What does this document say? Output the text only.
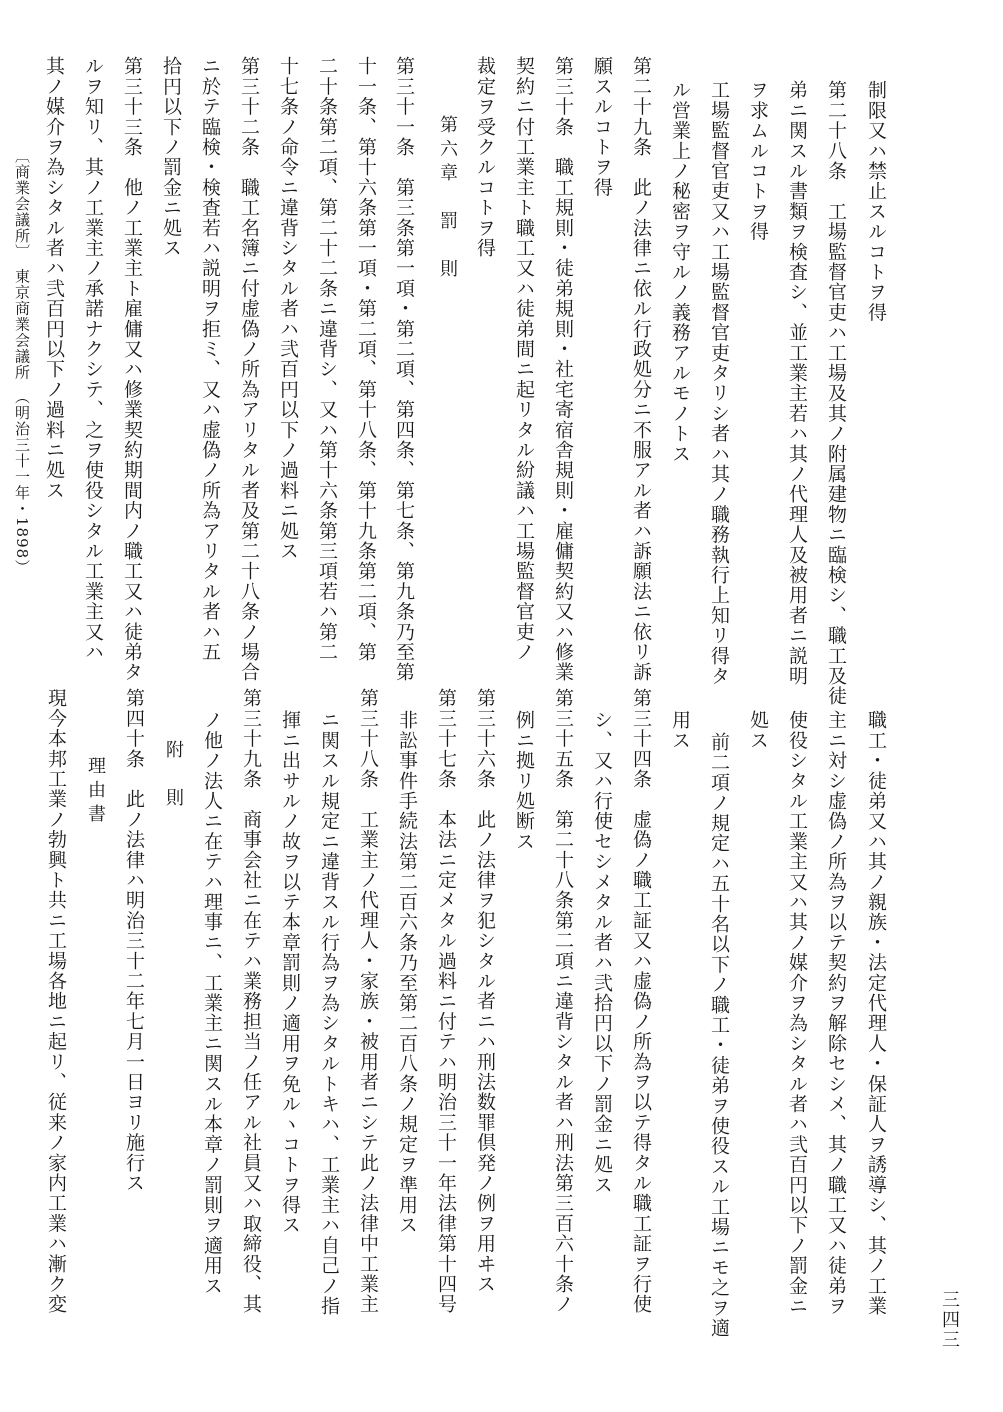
制限又ハ禁止スルコトヲ得
第二十八条　工場監督官吏ハ工場及其ノ附属建物ニ臨検シ、職工及徒
弟ニ関スル書類ヲ検査シ、並工業主若ハ其ノ代理人及被用者ニ説明
ヲ求ムルコトヲ得
工場監督官吏又ハ工場監督官吏タリシ者ハ其ノ職務執行上知リ得タ
ル営業上ノ秘密ヲ守ルノ義務アルモノトス
第二十九条　此ノ法律ニ依ル行政処分ニ不服アル者ハ訴願法ニ依リ訴
願スルコトヲ得
第三十条　職工規則・徒弟規則・社宅寄宿舎規則・雇傭契約又ハ修業
契約ニ付工業主ト職工又ハ徒弟間ニ起リタル紛議ハ工場監督官吏ノ
裁定ヲ受クルコトヲ得
第六章　罰　則
第三十一条　第三条第一項・第二項、第四条、第七条、第九条乃至第
十一条、第十六条第一項・第二項、第十八条、第十九条第二項、第
二十条第二項、第二十二条ニ違背シ、又ハ第十六条第三項若ハ第二
十七条ノ命令ニ違背シタル者ハ弐百円以下ノ過料ニ処ス
第三十二条　職工名簿ニ付虚偽ノ所為アリタル者及第二十八条ノ場合
ニ於テ臨検・検査若ハ説明ヲ拒ミ、又ハ虚偽ノ所為アリタル者ハ五
拾円以下ノ罰金ニ処ス
第三十三条　他ノ工業主ト雇傭又ハ修業契約期間内ノ職工又ハ徒弟タ
ルヲ知リ、其ノ工業主ノ承諾ナクシテ、之ヲ使役シタル工業主又ハ
其ノ媒介ヲ為シタル者ハ弐百円以下ノ過料ニ処ス
〔商業会議所〕　東京商業会議所　（明治三十一年・1898）
職工・徒弟又ハ其ノ親族・法定代理人・保証人ヲ誘導シ、其ノ工業
主ニ対シ虚偽ノ所為ヲ以テ契約ヲ解除セシメ、其ノ職工又ハ徒弟ヲ
使役シタル工業主又ハ其ノ媒介ヲ為シタル者ハ弐百円以下ノ罰金ニ
処ス
前二項ノ規定ハ五十名以下ノ職工・徒弟ヲ使役スル工場ニモ之ヲ適
用ス
第三十四条　虚偽ノ職工証又ハ虚偽ノ所為ヲ以テ得タル職工証ヲ行使
シ、又ハ行使セシメタル者ハ弐拾円以下ノ罰金ニ処ス
第三十五条　第二十八条第二項ニ違背シタル者ハ刑法第三百六十条ノ
例ニ拠リ処断ス
第三十六条　此ノ法律ヲ犯シタル者ニハ刑法数罪倶発ノ例ヲ用ヰス
第三十七条　本法ニ定メタル過料ニ付テハ明治三十一年法律第十四号
非訟事件手続法第二百六条乃至第二百八条ノ規定ヲ準用ス
第三十八条　工業主ノ代理人・家族・被用者ニシテ此ノ法律中工業主
ニ関スル規定ニ違背スル行為ヲ為シタルトキハ、工業主ハ自己ノ指
揮ニ出サルノ故ヲ以テ本章罰則ノ適用ヲ免ルヽコトヲ得ス
第三十九条　商事会社ニ在テハ業務担当ノ任アル社員又ハ取締役、其
ノ他ノ法人ニ在テハ理事ニ、工業主ニ関スル本章ノ罰則ヲ適用ス
附　則
第四十条　此ノ法律ハ明治三十二年七月一日ヨリ施行ス
理由書
現今本邦工業ノ勃興ト共ニ工場各地ニ起リ、従来ノ家内工業ハ漸ク変
三四三
